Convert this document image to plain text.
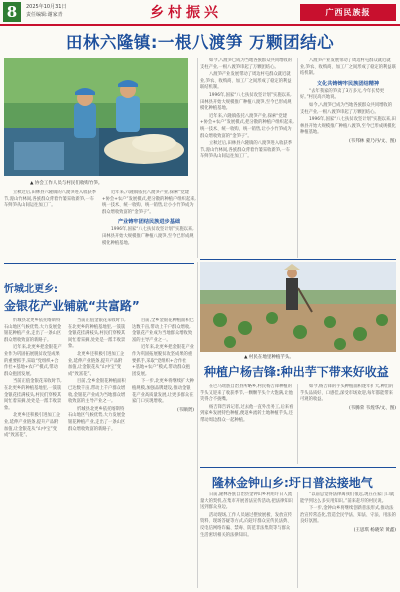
8	2025年10月31日
责任编辑:谢家青	乡村振兴	广西民族报
田林六隆镇:一根八渡笋 万颗团结心
▲ 协会工作人员与村民们收购竹笋。

立秋过后,田林县六隆镇的八渡笋进入收获季节,漫山竹林间,各族群众背着竹篓采收新笋,一车车鲜笋从山间运往加工厂。

近年来,六隆镇依托八渡笋产业,探索“党建+协会+农户”发展模式,把分散的种植户组织起来,统一技术、统一收购、统一销售,让小小竹笋成为群众增收致富的“金笋子”。

产业铸牢团结民族进步基础

1996年,国家“八七扶贫攻坚计划”实施以来,田林县开始大规模推广种植八渡笋,至今已形成规模化种植基地。

如今,八渡笋已成为当地各族群众共同增收的支柱产业,一根八渡笋串起了万颗团结心。

八渡笋产业发展带动了周边村屯群众就近就业,笋农、收购商、加工厂之间形成了稳定的利益联结机制。

1996年,国家“八七扶贫攻坚计划”实施以来,田林县开始大规模推广种植八渡笋,至今已形成规模化种植基地。

近年来,六隆镇依托八渡笋产业,探索“党建+协会+农户”发展模式,把分散的种植户组织起来,统一技术、统一收购、统一销售,让小小竹笋成为群众增收致富的“金笋子”。

立秋过后,田林县六隆镇的八渡笋进入收获季节,漫山竹林间,各族群众背着竹篓采收新笋,一车车鲜笋从山间运往加工厂。

八渡笋产业发展带动了周边村屯群众就近就业,笋农、收购商、加工厂之间形成了稳定的利益联结机制。

文化共铸铸牢民族团结精神

“去年我家的笋卖了3万多元,今年长势更好。”村民高兴地说。

如今,八渡笋已成为当地各族群众共同增收的支柱产业,一根八渡笋串起了万颗团结心。

1996年,国家“八七扶贫攻坚计划”实施以来,田林县开始大规模推广种植八渡笋,至今已形成规模化种植基地。

(韦邦林 蒙乃丹/文、图)
忻城北更乡:
金银花产业铺就“共富路”

忻城县北更乡依托喀斯特石山地区气候优势,大力发展金银花种植产业,走出了一条山区群众增收致富的新路子。

近年来,北更乡把金银花产业作为巩固拓展脱贫攻坚成果的重要抓手,采取“党组织+合作社+基地+农户”模式,带动群众抱团发展。

当前正值金银花采收时节,在北更乡的种植基地里,一簇簇金银花挂满枝头,村民们穿梭其间忙着采摘,处处是一派丰收景象。

北更乡还积极引进加工企业,延伸产业链条,提升产品附加值,让金银花从“山中宝”变成“致富花”。

当前正值金银花采收时节,在北更乡的种植基地里,一簇簇金银花挂满枝头,村民们穿梭其间忙着采摘,处处是一派丰收景象。

北更乡还积极引进加工企业,延伸产业链条,提升产品附加值,让金银花从“山中宝”变成“致富花”。

目前,全乡金银花种植面积已达数千亩,带动上千户群众增收,金银花产业成为当地群众增收致富的主导产业之一。

忻城县北更乡依托喀斯特石山地区气候优势,大力发展金银花种植产业,走出了一条山区群众增收致富的新路子。

目前,全乡金银花种植面积已达数千亩,带动上千户群众增收,金银花产业成为当地群众增收致富的主导产业之一。

近年来,北更乡把金银花产业作为巩固拓展脱贫攻坚成果的重要抓手,采取“党组织+合作社+基地+农户”模式,带动群众抱团发展。

下一步,北更乡将继续扩大种植规模,加强品牌建设,推动金银花产业高质量发展,让更多群众在家门口实现增收。

(韦顺贤)
▲ 村民在地里种植芋头。
种植户杨吉锋:种出芋下带来好收益

在巴马瑶族自治县所略乡,村民杨吉锋种植的芋头又迎来了收获季节,一颗颗芋头个大饱满,让他笑得合不拢嘴。

杨吉锋告诉记者,过去他一直外出务工,后来看到家乡发展特色种植,便返乡流转土地种植芋头,还带动周边群众一起种植。

如今,杨吉锋的芋头种植面积逐年扩大,种出的芋头品质好、口感佳,深受市场欢迎,每年都能带来可观的收益。

(韦腾荣 韦煌华/文、图)
隆林金钟山乡:圩日普法接地气

日前,隆林各族自治县金钟山乡利用圩日人流量大的契机,在集市开展普法宣传活动,把法律知识送到群众身边。

活动现场,工作人员通过摆放展板、发放宣传资料、现场答疑等方式,向赶圩群众宣传民法典、反电信网络诈骗、禁毒、防范非法集资等与群众生活密切相关的法律知识。

“以前总觉得法律离我们很远,现在在家门口就能学到这么多实用知识。”前来赶圩的村民说。

下一步,金钟山乡将继续创新普法形式,推动法治宣传常态化,营造全民学法、知法、守法、用法的良好氛围。

(王思琪 杨晓荣 黄鑫)
